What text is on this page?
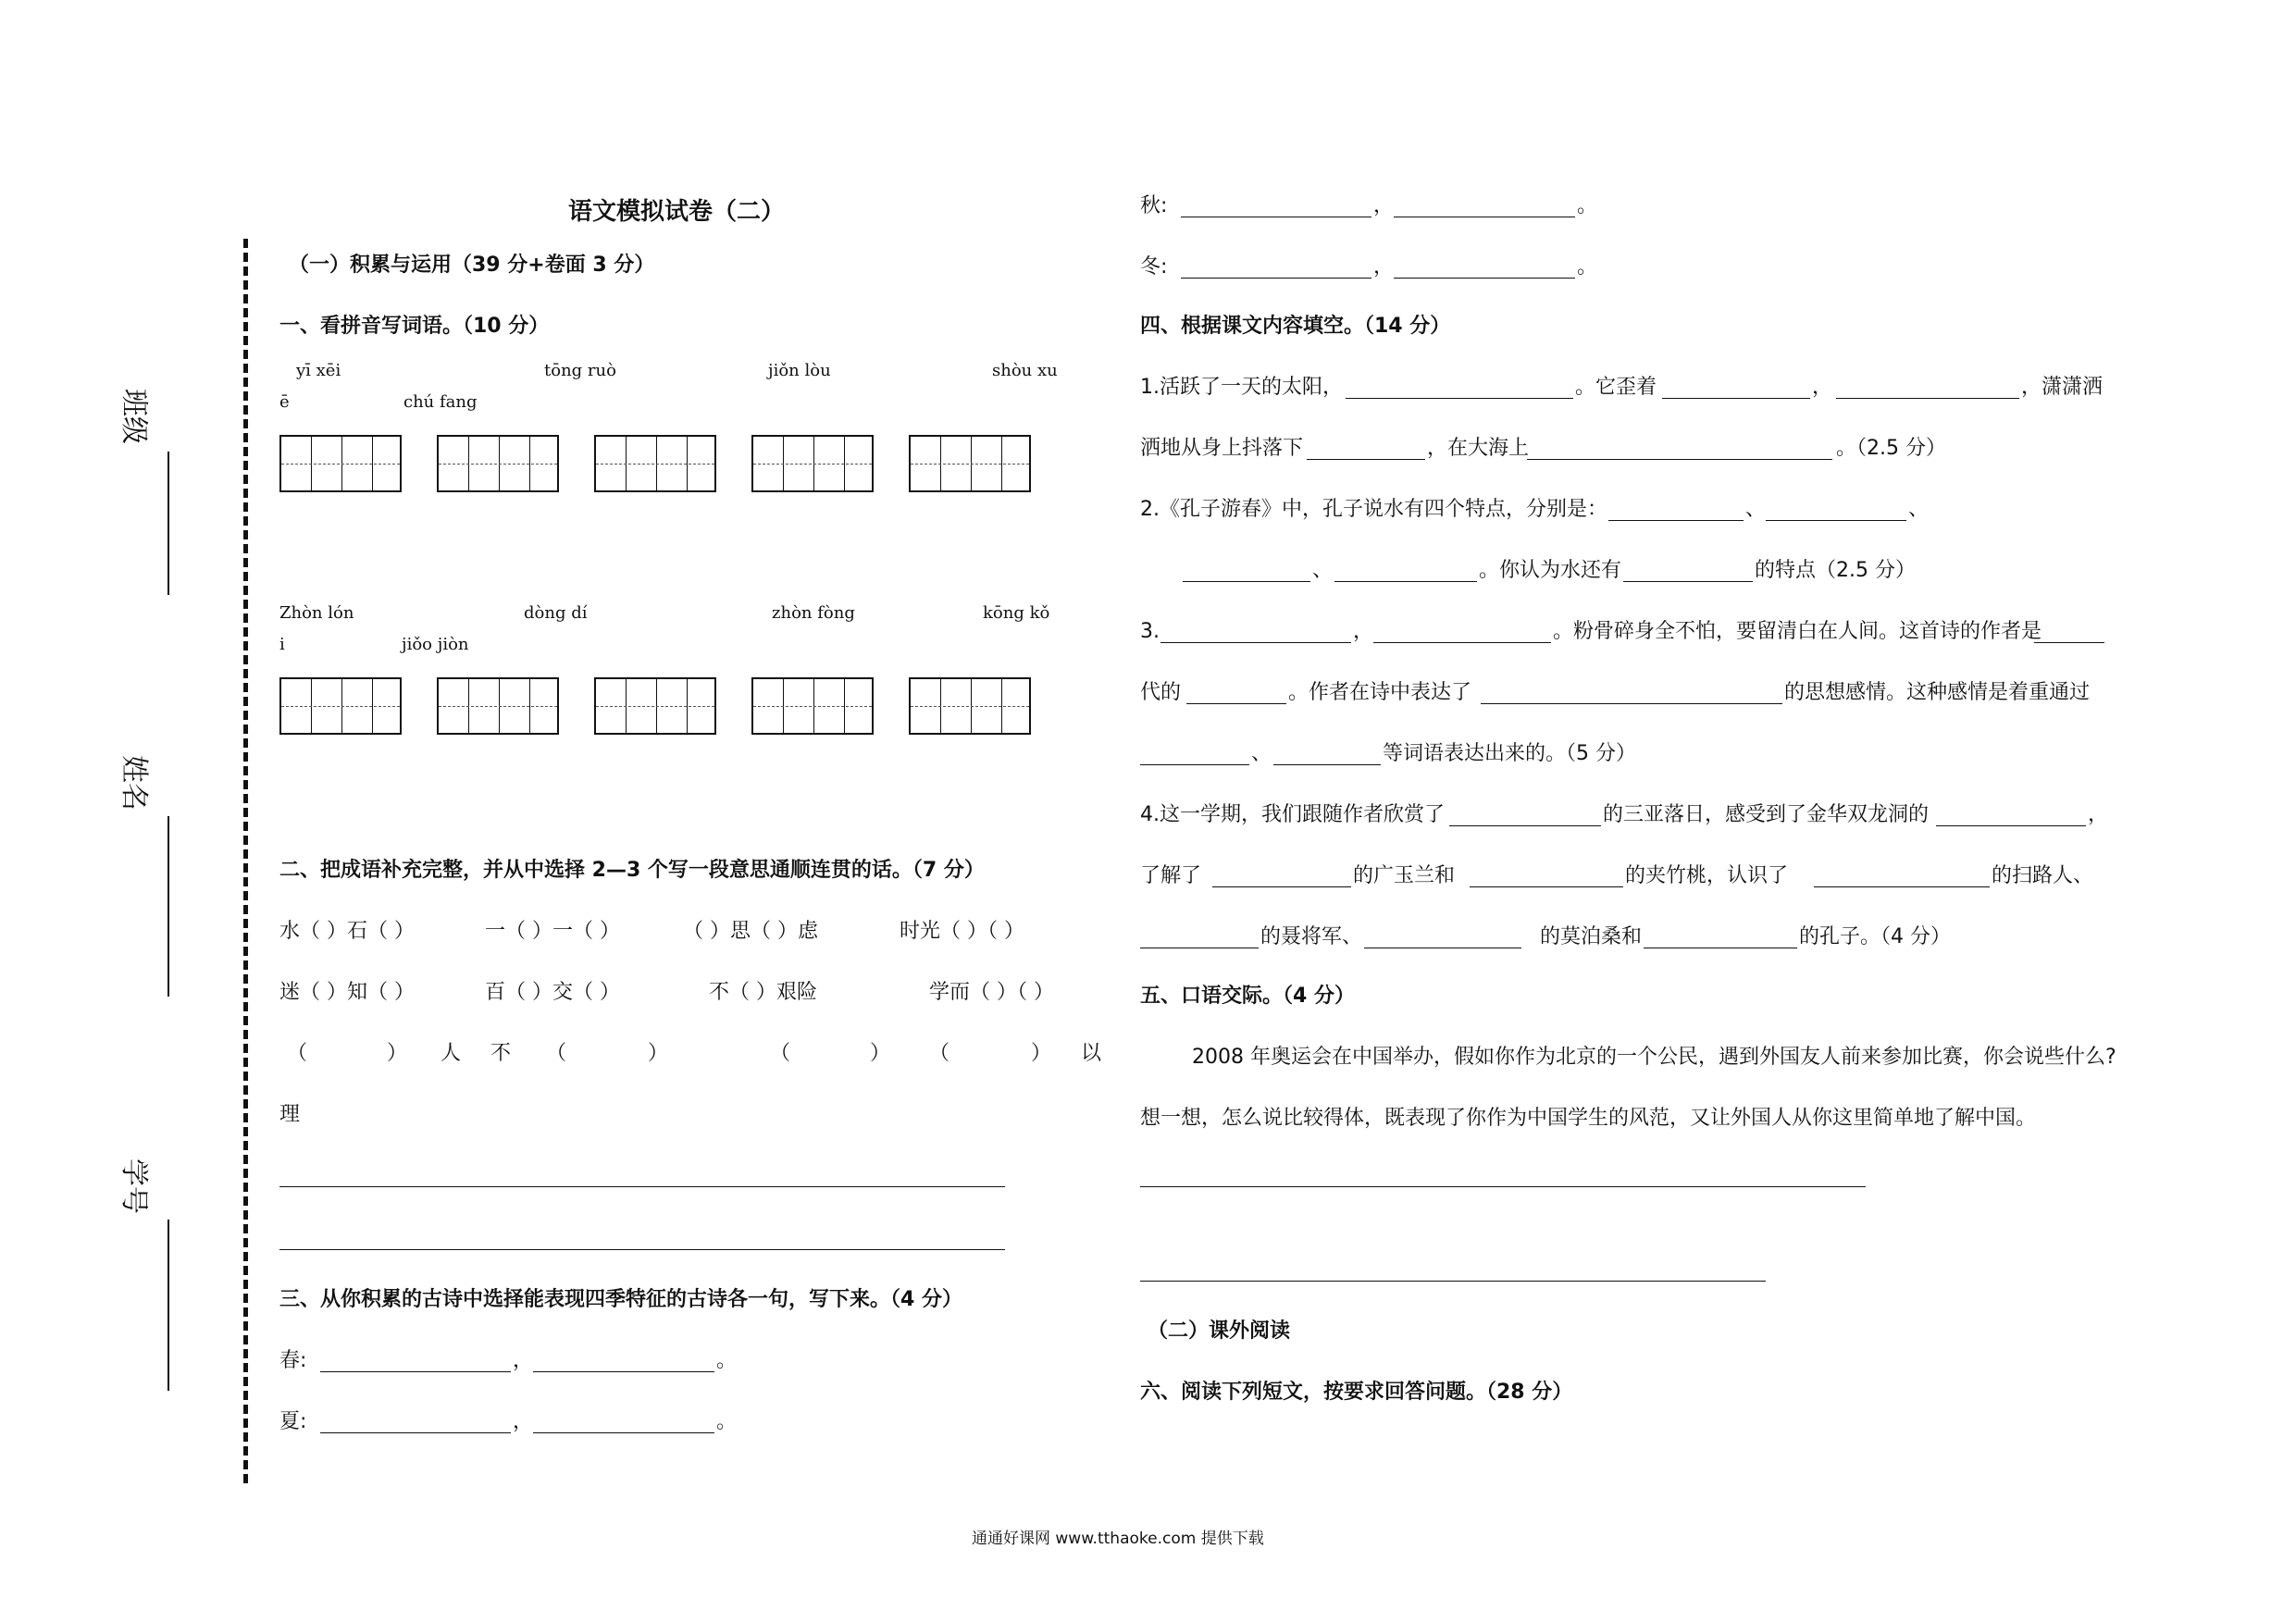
班级
姓名
学号
语文模拟试卷（二）
（一）积累与运用（39 分+卷面 3 分）
一、看拼音写词语。（10 分）
yī xēi	tōng ruò	jiǒn lòu	shòu xu
ē	chú fang
Zhòn lón	dòng dí	zhòn fòng	kōng kǒ
i	jiǒo jiòn
二、把成语补充完整，并从中选择 2—3 个写一段意思通顺连贯的话。（7 分）
水（ ）石（ ）	一（ ）一（ ）	（ ）思（ ）虑	时光（ ）（ ）
迷（ ）知（ ）	百（ ）交（ ）	不（ ）艰险	学而（ ）（ ）
（	） 人 不 （	）	（	） （	） 以
理
三、从你积累的古诗中选择能表现四季特征的古诗各一句，写下来。（4 分）
春:	，	。
夏:	，	。
秋:	，	。
冬:	，	。
四、根据课文内容填空。（14 分）
1.活跃了一天的太阳，	。它歪着	，	，潇潇洒
洒地从身上抖落下	，在大海上	。（2.5 分）
2.《孔子游春》中，孔子说水有四个特点，分别是：	、	、
、	。你认为水还有	的特点（2.5 分）
3.	，	。粉骨碎身全不怕，要留清白在人间。这首诗的作者是
代的	。作者在诗中表达了	的思想感情。这种感情是着重通过
、	等词语表达出来的。（5 分）
4.这一学期，我们跟随作者欣赏了	的三亚落日，感受到了金华双龙洞的	，
了解了	的广玉兰和	的夹竹桃，认识了	的扫路人、
的聂将军、	的莫泊桑和	的孔子。（4 分）
五、口语交际。（4 分）
2008 年奥运会在中国举办，假如你作为北京的一个公民，遇到外国友人前来参加比赛，你会说些什么?
想一想，怎么说比较得体，既表现了你作为中国学生的风范，又让外国人从你这里简单地了解中国。
（二）课外阅读
六、阅读下列短文，按要求回答问题。（28 分）
通通好课网 www.tthaoke.com 提供下载
